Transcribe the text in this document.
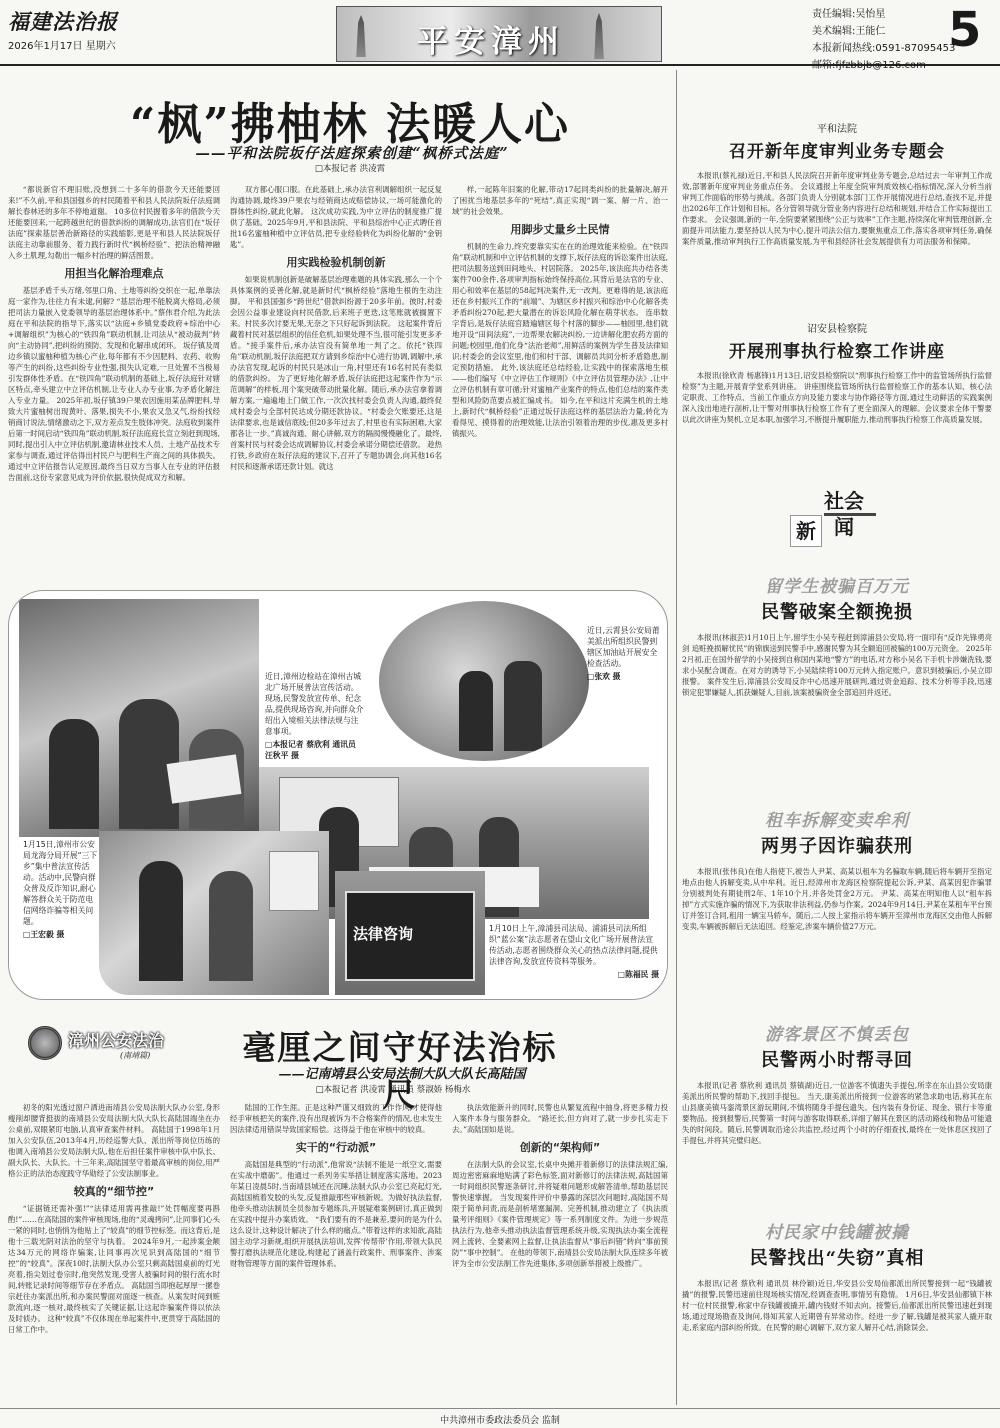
福建法治报
2026年1月17日 星期六	平安漳州
责任编辑:吴怡星
美术编辑:王能仁
本报新闻热线:0591-87095453
邮箱:fjfzbbjb@126.com
5
“枫”拂柚林 法暖人心
——平和法院坂仔法庭探索创建“枫桥式法庭”
□本报记者 洪凌霄

“都说新官不理旧账,没想到二十多年的借款今天还能要回来!”不久前,平和县国强乡的村民随着平和县人民法院坂仔法庭调解长春林还的多年不停地道谢。 10多位村民握着多年的借款今天还能要回来,一起跨越世纪的借款纠纷的调解成功,法官们在“坂仔法庭”探索基层善治新路径的实践缩影,更是平和县人民法院坂仔法庭主动靠前服务、着力践行新时代“枫桥经验”、把法治精神融入乡土肌理,勾勒出一幅乡村治理的鲜活图景。

用担当化解治理难点

基层矛盾千头万绪,邻里口角、土地等纠纷交织在一起,单靠法庭一家作为,往往力有未逮,何解? “基层治理不能脱离大格局,必须把司法力量嵌入党委领导的基层治理体系中。”蔡伟君介绍,为此法庭在平和法院的指导下,落实以“法庭+乡镇党委政府+综治中心+调解组织”为核心的“铁四角”联动机制,让司法从“被动裁判”转向“主动协同”,把纠纷的预防、发现和化解串成闭环。 坂仔镇及周边乡镇以蜜柚种植为核心产业,每年都有不少因肥料、农药、收购等产生的纠纷,这些纠纷专业性强,损失认定难,一旦处置不当极易引发群体性矛盾。在“铁四角”联动机制的基础上,坂仔法庭针对辖区特点,牵头建立中立评估机制,让专业人办专业事,为矛盾化解注入专业力量。 2025年初,坂仔镇39户果农因施用某品牌肥料,导致大片蜜柚树出现黄叶、落果,损失不小,果农又急又气,纷纷找经销商讨说法,情绪激动之下,双方差点发生肢体冲突。法庭收到案件后第一时间启动“铁四角”联动机制,坂仔法庭庭长宣立刻赶到现场,同时,提出引入中立评估机制,邀请林业技术人员、土地产品技术专家参与调查,通过评估得出村民户与肥料生产商之间的具体损失。通过中立评估报告认定原因,最终当日双方当事人在专业的评估报告面前,这份专家意见成为评价依据,很快促成双方和解。

双方都心服口服。在此基础上,承办法官利调解组织一起反复沟通协调,最终39户果农与经销商达成赔偿协议,一场可能激化的群体性纠纷,就此化解。 这次成功实践,为中立评估的制度推广提供了基础。2025年9月,平和县法院、平和县综治中心正式聘任首批16名蜜柚种植中立评估员,把专业经验转化为纠纷化解的“金钥匙”。

用实践检验机制创新

如果说机制创新是破解基层治理难题的具体实践,那么一个个具体案例的妥善化解,就是新时代“枫桥经验”落地生根的生动注脚。 平和县国强乡“跨世纪”借款纠纷源于20多年前。彼时,村委会因公益事业建设向村民借款,后来班子更迭,这笔账就被搁置下来。村民多次讨要无果,无奈之下只好起诉到法院。 这起案件背后藏着村民对基层组织的信任危机,如果处理不当,很可能引发更多矛盾。“接手案件后,承办法官没有简单地一判了之。依托“铁四角”联动机制,坂仔法庭把双方请到乡综治中心进行协调,调解中,承办法官发现,起诉的村民只是冰山一角,村里还有16名村民有类似的借款纠纷。 为了更好地化解矛盾,坂仔法庭把这起案件作为“示范调解”的样板,用个案突破带动批量化解。随后,承办法官拿着调解方案,一遍遍地上门做工作,一次次找村委会负责人沟通,最终促成村委会与全部村民达成分期还款协议。“村委会欠账要还,这是法律要求,也是诚信底线;但20多年过去了,村里也有实际困难,大家都各让一步。”真诚沟通、耐心讲解,双方的隔阂慢慢融化了。最终,首案村民与村委会达成调解协议,村委会承诺分期偿还借款。 趁热打铁,乡政府在坂仔法庭的建议下,召开了专题协调会,向其他16名村民和逐渐承诺还款计划。就这

样,一起陈年旧案的化解,带动17起同类纠纷的批量解决,解开了困扰当地基层多年的“死结”,真正实现“调一案、解一片、治一域”的社会效果。

用脚步丈量乡土民情

机制的生命力,终究要靠实实在在的治理效能来检验。在“铁四角”联动机制和中立评估机制的支撑下,坂仔法庭的诉讼案件出法庭,把司法服务送到田间地头、村居院落。 2025年,该法庭共办结各类案件700余件,各项审判指标始终保持高位,其背后是法官的专业、用心和效率在基层的58起判决案件,无一改判。更难得的是,该法庭还在乡村振兴工作的“前端”、为辖区乡村振兴和综治中心化解各类矛盾纠纷270起,把大量潜在的诉讼风险化解在萌芽状态。 连串数字背后,是坂仔法庭官踏遍辖区每个村落的脚步——柚园里,他们就地开设“田间法庭”,一边帮果农解决纠纷,一边讲解化肥农药方面的问题;校园里,他们化身“法治老师”,用鲜活的案例为学生普及法律知识;村委会的会议室里,他们和村干部、调解员共同分析矛盾隐患,制定预防措施。 此外,该法庭还总结经验,让实践中的探索落地生根——他们编写《中立评估工作规则》《中立评估员管理办法》,让中立评估机制有章可循;针对蜜柚产业案件的特点,他们总结的案件类型和风险防范要点被汇编成书。 如今,在平和这片充满生机的土地上,新时代“枫桥经验”正通过坂仔法庭这样的基层法治力量,转化为看得见、摸得着的治理效能,让法治引领着治理的步伐,惠及更多村镇振兴。

近日,漳州边检站在漳州古城北广场开展普法宣传活动。现场,民警发放宣传单、纪念品,提供现场咨询,并向群众介绍出入境相关法律法规与注意事项。
□本报记者 蔡欣利 通讯员 汪秋平 摄
近日,云霄县公安局莆美派出所组织民警到辖区加油站开展安全检查活动。
□张欢 摄
1月15日,漳州市公安局龙海分局开展“三下乡”集中普法宣传活动。活动中,民警向群众普及反诈知识,耐心解答群众关于防范电信网络诈骗等相关问题。
□王宏毅 摄	法律咨询	1月10日上午,漳浦县司法局、浦浦县司法所组织“蓝公案”法志愿者在望山文化广场开展普法宣传活动,志愿者围绕群众关心的热点法律问题,提供法律咨询,发放宣传资料等服务。
□陈福民 摄
漳州公安法治
(南靖篇)	毫厘之间守好法治标尺
——记南靖县公安局法制大队大队长高陆国
□本报记者 洪凌霄 通讯员 蔡淑娇 杨梅水

初冬的阳光透过窗户洒进南靖县公安局法制大队办公室,身形瘦削却腰背挺拔的南靖县公安局法制大队大队长高陆国端坐在办公桌前,双眼紧盯电脑,认真审查案件材料。 高陆国于1998年1月加入公安队伍,2013年4月,历经巡警大队、派出所等岗位历练的他调入南靖县公安局法制大队,他在后担任案件审核中队中队长、副大队长、大队长。十三年来,高陆国坚守着最高审核的岗位,用严格公正的法治态度践守华勋经了公安法制事业。

较真的“细节控”

“证据链还需补强!”“法律适用需再推敲!”处罚幅度要再斟酌!”……在高陆国的案件审核现场,他的“灵魂拷问”,让同事们心头一紧的同时,也悄悄为他贴上了“较真”的细节控标签。而这背后,是他十三载光阴对法治的坚守与执着。 2024年9月,一起涉案金额达34万元的网络诈骗案,让同事再次见识到高陆国的“细节控”的“较真”。深夜10时,法制大队办公室只剩高陆国桌前的灯光亮着,指尖划过卷宗时,他突然发现,受害人被骗时间的银行流水时间,转账记录时间等细节存在矛盾点。 高陆国当即抱起厚厚一摞卷宗赶往办案派出所,和办案民警面对面逐一核查。从案发时间到赃款流向,逐一核对,最终核实了关键证据,让这起诈骗案件得以依法及时侦办。 这种“较真”不仅体现在单起案件中,更贯穿于高陆国的日常工作中。

陆国的工作生涯。正是这种严谨又细致的工作作风,才使得他经手审核把关的案件,没有出现被诉为不合格案件的情况,也未发生因法律适用错误导致国家赔偿。这得益于他在审核中的较真。

实干的“行动派”

高陆国是典型的“行动派”,他常说“法制不能是一纸空文,需要在实战中磨砺”。他通过一系列务实举措让制度落实落地。2023年某日凌晨5时,当南靖县城还在沉睡,法制大队办公室已亮起灯光,高陆国梳着发胶的头发,反复推敲那些审核新规。为做好执法监督,他牵头推动法制员全员参加专题练兵,开展疑难案例研讨,真正做到在实践中提升办案质效。 “我们要有的不是兼差,要问的是为什么这么设计,这种设计解决了什么样的痛点。”带着这样的求知欲,高陆国主动学习新规,组织开展执法培训,发挥‘传帮带’作用,带领大队民警打磨执法规范化建设,构建起了涵盖行政案件、刑事案件、涉案财物管理等方面的案件管理体系。

执法效能新升的同时,民警也从繁复流程中抽身,将更多精力投入案件本身与服务群众。 “路还长,但方向对了,就一步步扎实走下去。”高陆国如是说。

创新的“架构师”

在法制大队的会议室,长桌中央摊开着新修订的法律法规汇编,周边密密麻麻地贴满了彩色标签,面对新修订的法律法规,高陆国第一时间组织民警逐条研讨,并将疑难问题形成解答清单,帮助基层民警快速掌握。 当发现案件评价中暴露的深层次问题时,高陆国不局限于简单问责,而是剖析堵塞漏洞、完善机制,推动建立了《执法质量考评细则》《案件管理规定》等一系列制度文件。为进一步规范执法行为,他牵头推动执法监督管理系统升级,实现执法办案全流程网上流转、全要素网上监督,让执法监督从“事后纠错”转向“事前预防”“事中控制”。 在他的带领下,南靖县公安局法制大队连续多年被评为全市公安法制工作先进集体,多项创新举措被上级推广。

平和法院
召开新年度审判业务专题会

本报讯(蔡礼禄)近日,平和县人民法院召开新年度审判业务专题会,总结过去一年审判工作成效,部署新年度审判业务重点任务。 会议通报上年度全院审判质效核心指标情况,深入分析当前审判工作面临的形势与挑战。各部门负责人分别就本部门工作开展情况进行总结,查找不足,并提出2026年工作计划和目标。各分管领导就分管业务内容进行总结和规划,并结合工作实际提出工作要求。 会议强调,新的一年,全院要紧紧围绕“公正与效率”工作主题,持续深化审判管理创新,全面提升司法能力,要坚持以人民为中心,提升司法公信力,要聚焦重点工作,落实各项审判任务,确保案件质量,推动审判执行工作高质量发展,为平和县经济社会发展提供有力司法服务和保障。

诏安县检察院
开展刑事执行检察工作讲座

本报讯(徐欣青 杨惠锋)1月13日,诏安县检察院以“刑事执行检察工作中的监管场所执行监督检察”为主题,开展青学堂系列讲座。 讲座围绕监管场所执行监督检察工作的基本认知、核心法定职责、工作特点、当前工作重点方向及能力要求与协作路径等方面,通过生动鲜活的实践案例深入浅出地进行剖析,让干警对刑事执行检察工作有了更全面深入的理解。会议要求全体干警要以此次讲座为契机,立足本职,加强学习,不断提升履职能力,推动刑事执行检察工作高质量发展。

社会
新 闻
留学生被骗百万元
民警破案全额挽损

本报讯(林淑芸)1月10日上午,留学生小吴专程赶到漳浦县公安局,将一面印有“反诈先锋勇亮剑 追赃挽损解忧民”的锦旗送到民警手中,感谢民警为其全额追回被骗的100万元资金。 2025年2月初,正在国外留学的小吴接到自称国内某地“警方”的电话,对方称小吴名下手机卡涉嫌洗钱,要求小吴配合调查。在对方的诱导下,小吴陆续将100万元转入指定账户。意识到被骗后,小吴立即报警。 案件发生后,漳浦县公安局反诈中心迅速开展研判,通过资金追踪、技术分析等手段,迅速锁定犯罪嫌疑人,抓获嫌疑人,目前,该案被骗资金全部追回并返还。

租车拆解变卖牟利
两男子因诈骗获刑

本报讯(张伟良)在他人指使下,被告人尹某、高某以租车为名骗取车辆,随后将车辆开至指定地点由他人拆解变卖,从中牟利。近日,经漳州市龙海区检察院提起公诉,尹某、高某因犯诈骗罪分别被判处有期徒刑2年、1年10个月,并各处罚金2万元。 尹某、高某在明知他人以“租车拆掉”方式实施诈骗的情况下,为获取非法利益,仍参与作案。2024年9月14日,尹某在某租车平台预订并签订合同,租用一辆宝马轿车。随后,二人按上家指示将车辆开至漳州市龙海区交由他人拆解变卖,车辆被拆解后无法追回。经鉴定,涉案车辆价值27万元。

游客景区不慎丢包
民警两小时帮寻回

本报讯(记者 蔡欣利 通讯员 蔡镇湖)近日,一位游客不慎遗失手提包,所幸在东山县公安局康美派出所民警的帮助下,找回手提包。 当天,康美派出所接到一位游客的紧急求助电话,称其在东山县康美镇马銮湾景区游玩期间,不慎将随身手提包遗失。包内装有身份证、现金、银行卡等重要物品。接到报警后,民警第一时间与游客取得联系,详细了解其在景区的活动路线和物品可能遗失的时间段。随后,民警调取沿途公共监控,经过两个小时的仔细查找,最终在一处休息区找回了手提包,并将其完璧归赵。

村民家中钱罐被撬
民警找出“失窃”真相

本报讯(记者 蔡欣利 通讯员 林伶颖)近日,华安县公安局仙都派出所民警接到一起“钱罐被撬”的报警,民警迅速前往现场核实情况,经调查查明,事情另有隐情。 1月6日,华安县仙都镇下林村一位村民报警,称家中存钱罐被撬开,罐内钱财不知去向。接警后,仙都派出所民警迅速赶到现场,通过现场勘查及询问,得知其家人近期曾有异常动作。经进一步了解,钱罐是被其家人撬开取走,系家庭内部纠纷所致。在民警的耐心调解下,双方家人解开心结,消除误会。

中共漳州市委政法委员会 监制
